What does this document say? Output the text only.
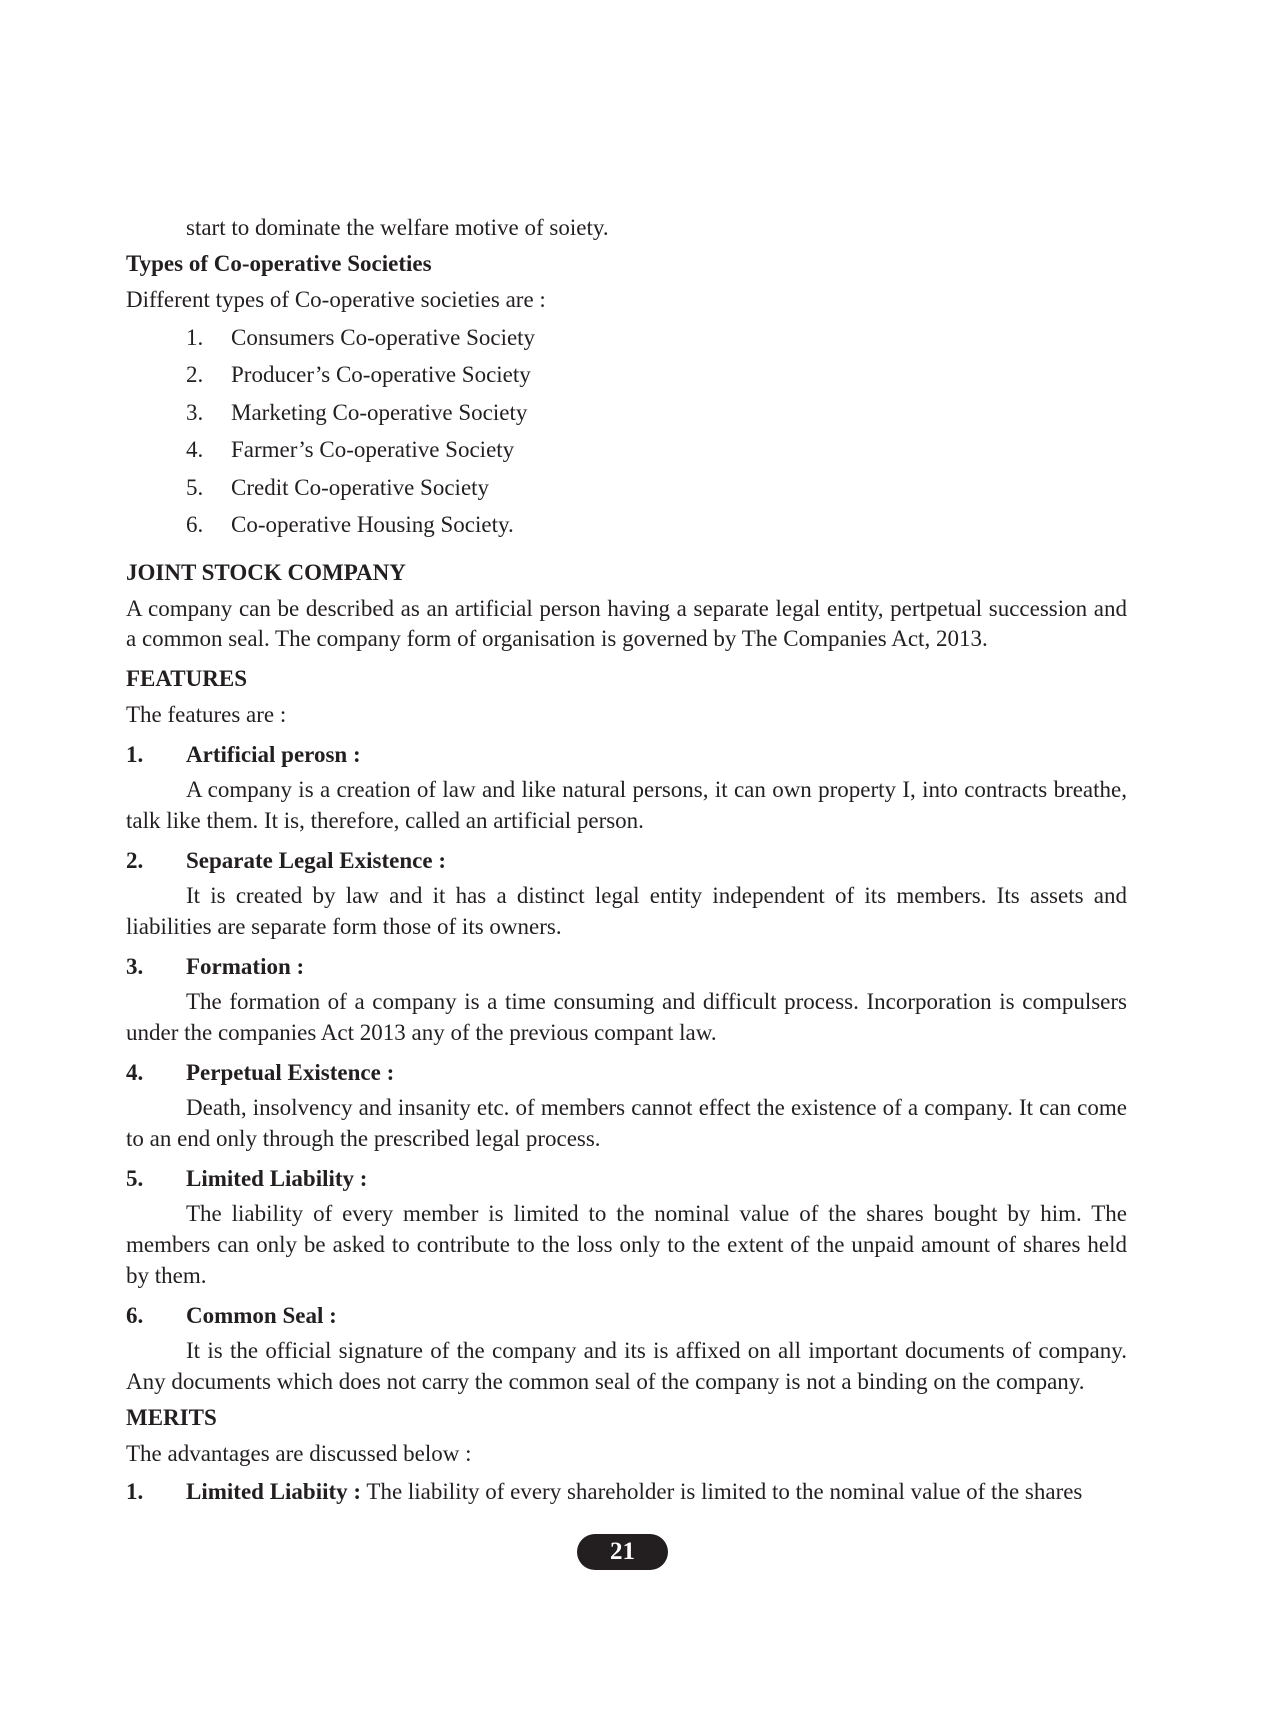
start to dominate the welfare motive of soiety.

Types of Co-operative Societies

Different types of Co-operative societies are :

1.	Consumers Co-operative Society
2.	Producer’s Co-operative Society
3.	Marketing Co-operative Society
4.	Farmer’s Co-operative Society
5.	Credit Co-operative Society
6.	Co-operative Housing Society.

JOINT STOCK COMPANY

A company can be described as an artificial person having a separate legal entity, pertpetual succession and a common seal. The company form of organisation is governed by The Companies Act, 2013.

FEATURES

The features are :

1.	Artificial perosn :

A company is a creation of law and like natural persons, it can own property I, into contracts breathe, talk like them. It is, therefore, called an artificial person.

2.	Separate Legal Existence :

It is created by law and it has a distinct legal entity independent of its members. Its assets and liabilities are separate form those of its owners.

3.	Formation :

The formation of a company is a time consuming and difficult process. Incorporation is compulsers under the companies Act 2013 any of the previous compant law.

4.	Perpetual Existence :

Death, insolvency and insanity etc. of members cannot effect the existence of a company. It can come to an end only through the prescribed legal process.

5.	Limited Liability :

The liability of every member is limited to the nominal value of the shares bought by him. The members can only be asked to contribute to the loss only to the extent of the unpaid amount of shares held by them.

6.	Common Seal :

It is the official signature of the company and its is affixed on all important documents of company. Any documents which does not carry the common seal of the company is not a binding on the company.

MERITS

The advantages are discussed below :

1.	Limited Liabiity : The liability of every shareholder is limited to the nominal value of the shares
21
